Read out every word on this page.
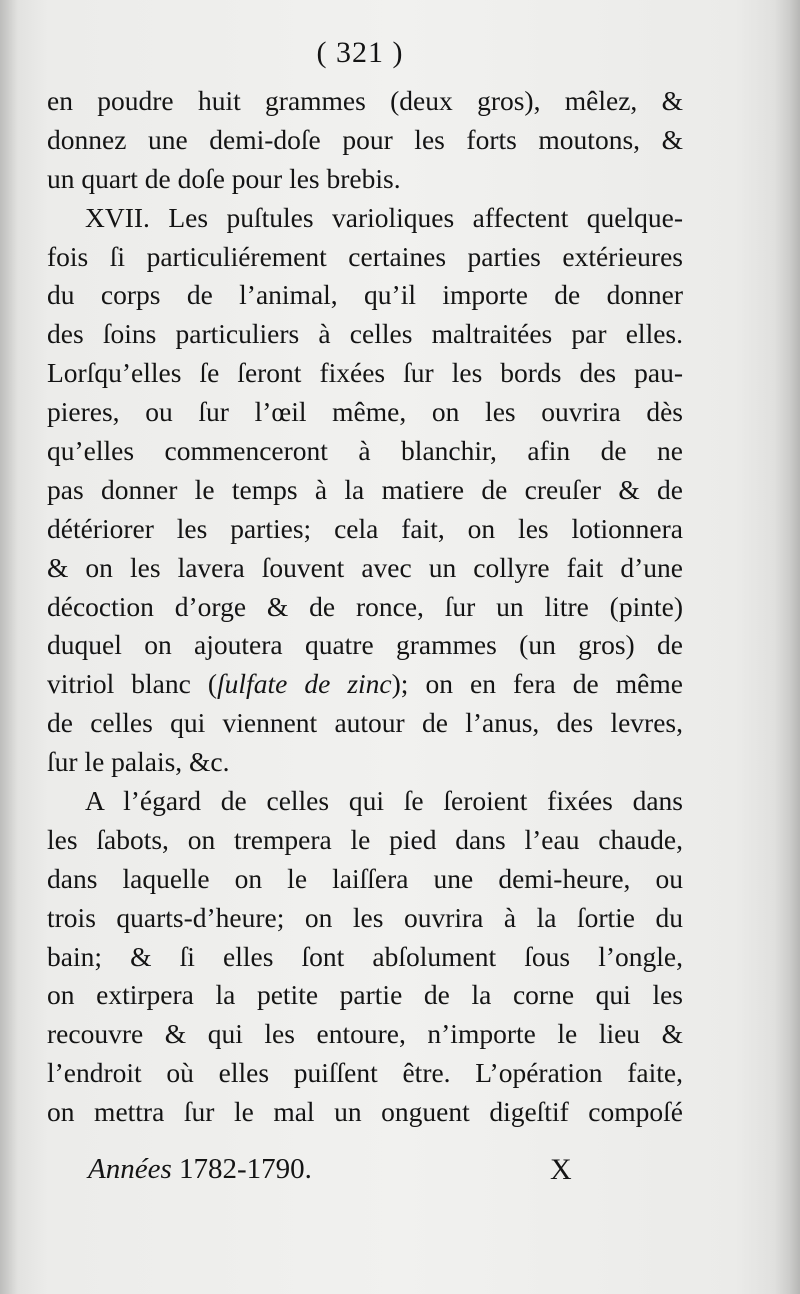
( 321 )
en poudre huit grammes (deux gros), mêlez, &
donnez une demi-doſe pour les forts moutons, &
un quart de doſe pour les brebis.
XVII. Les puſtules varioliques affectent quelque-
fois ſi particuliérement certaines parties extérieures
du corps de l’animal, qu’il importe de donner
des ſoins particuliers à celles maltraitées par elles.
Lorſqu’elles ſe ſeront fixées ſur les bords des pau-
pieres, ou ſur l’œil même, on les ouvrira dès
qu’elles commenceront à blanchir, afin de ne
pas donner le temps à la matiere de creuſer & de
détériorer les parties; cela fait, on les lotionnera
& on les lavera ſouvent avec un collyre fait d’une
décoction d’orge & de ronce, ſur un litre (pinte)
duquel on ajoutera quatre grammes (un gros) de
vitriol blanc (ſulfate de zinc); on en fera de même
de celles qui viennent autour de l’anus, des levres,
ſur le palais, &c.
A l’égard de celles qui ſe ſeroient fixées dans
les ſabots, on trempera le pied dans l’eau chaude,
dans laquelle on le laiſſera une demi-heure, ou
trois quarts-d’heure; on les ouvrira à la ſortie du
bain; & ſi elles ſont abſolument ſous l’ongle,
on extirpera la petite partie de la corne qui les
recouvre & qui les entoure, n’importe le lieu &
l’endroit où elles puiſſent être. L’opération faite,
on mettra ſur le mal un onguent digeſtif compoſé
Années 1782-1790.	X
